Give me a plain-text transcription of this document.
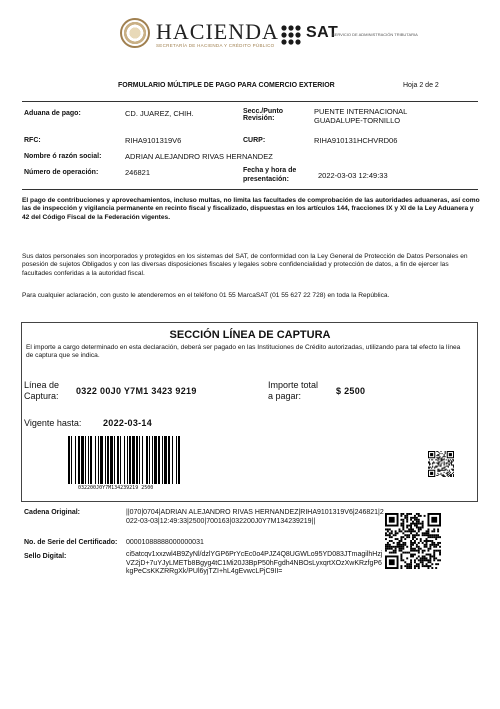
HACIENDA
SECRETARÍA DE HACIENDA Y CRÉDITO PÚBLICO
SAT
SERVICIO DE ADMINISTRACIÓN TRIBUTARIA
FORMULARIO MÚLTIPLE DE PAGO PARA COMERCIO EXTERIOR	Hoja 2 de 2
Aduana de pago:	CD. JUAREZ, CHIH.	Secc./Punto
Revisión:
PUENTE INTERNACIONAL GUADALUPE-TORNILLO
RFC:	RIHA9101319V6	CURP:	RIHA910131HCHVRD06
Nombre ó razón social:	ADRIAN ALEJANDRO RIVAS HERNANDEZ
Número de operación:	246821	Fecha y hora de
presentación:	2022-03-03 12:49:33
El pago de contribuciones y aprovechamientos, incluso multas, no limita las facultades de comprobación de las autoridades aduaneras, así como las de inspección y vigilancia permanente en recinto fiscal y fiscalizado, dispuestas en los artículos 144, fracciones IX y XI de la Ley Aduanera y 42 del Código Fiscal de la Federación vigentes.
Sus datos personales son incorporados y protegidos en los sistemas del SAT, de conformidad con la Ley General de Protección de Datos Personales en posesión de sujetos Obligados y con las diversas disposiciones fiscales y legales sobre confidencialidad y protección de datos, a fin de ejercer las facultades conferidas a la autoridad fiscal.
Para cualquier aclaración, con gusto le atenderemos en el teléfono 01 55 MarcaSAT (01 55 627 22 728) en toda la República.
SECCIÓN LÍNEA DE CAPTURA
El importe a cargo determinado en esta declaración, deberá ser pagado en las Instituciones de Crédito autorizadas, utilizando para tal efecto la línea de captura que se indica.
Línea de
Captura: 0322 00J0 Y7M1 3423 9219
Importe total
a pagar:	$ 2500
Vigente hasta: 2022-03-14
032200J0Y7M134239219 2500
Cadena Original:	||070|0704|ADRIAN ALEJANDRO RIVAS HERNANDEZ|RIHA9101319V6|246821|2022-03-03|12:49:33|2500|700163|032200J0Y7M134239219||
No. de Serie del Certificado: 00001088888000000031
Sello Digital:	ci5atcqv1xxzwl4B9ZyNl/dzlYGP6PrYcEc0o4PJZ4Q8UGWLo95YD083JTmagilhHzjVZ2jD+7uYJyLMETb8Bgyg4tC1Mi20J3BpP50hFgdh4NBOsLyxqrtXOzXwKRzfgP6kgPeCsKKZRRgXk/PUl6yjTZI+hL4gEvwcLPjC9II=
